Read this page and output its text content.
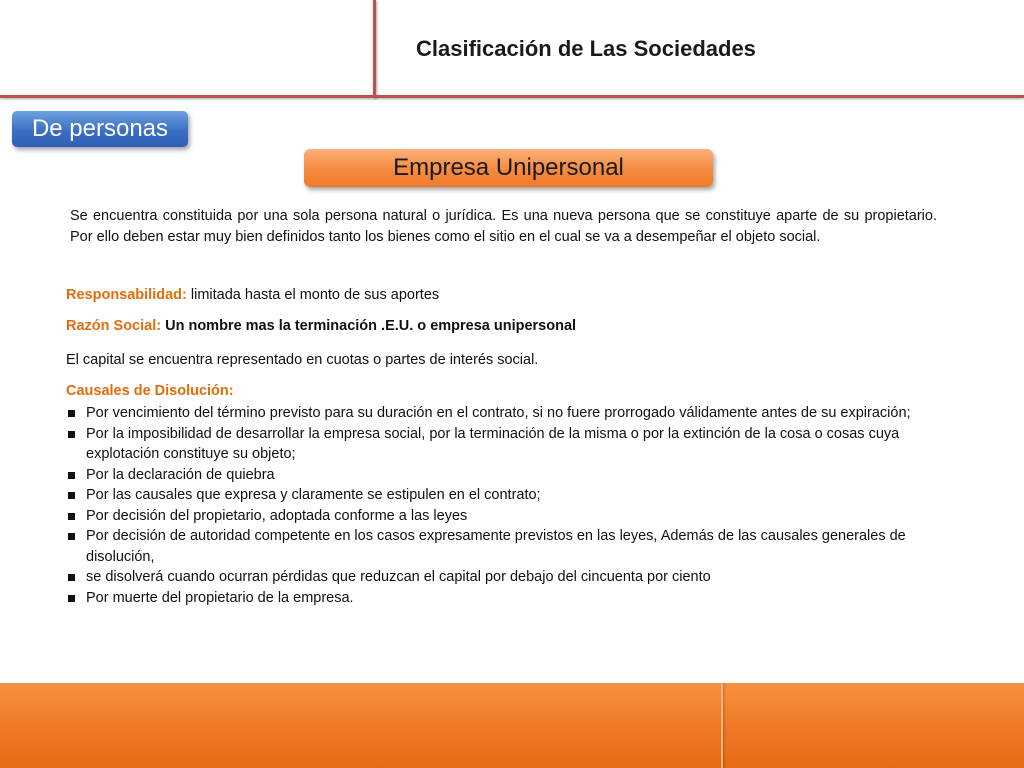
Clasificación de Las Sociedades
De personas
Empresa Unipersonal
Se encuentra constituida por una sola persona natural o jurídica. Es una nueva persona que se constituye aparte de su propietario. Por ello deben estar muy bien definidos tanto los bienes como el sitio en el cual se va a desempeñar el objeto social.
Responsabilidad: limitada hasta el monto de sus aportes
Razón Social: Un nombre mas la terminación .E.U. o empresa unipersonal
El capital se encuentra representado en cuotas o partes de interés social.
Causales de Disolución:
Por vencimiento del término previsto para su duración en el contrato, si no fuere prorrogado válidamente antes de su expiración;
Por la imposibilidad de desarrollar la empresa social, por la terminación de la misma o por la extinción de la cosa o cosas cuya explotación constituye su objeto;
Por la declaración de quiebra
Por las causales que expresa y claramente se estipulen en el contrato;
Por decisión del propietario, adoptada conforme a las leyes
Por decisión de autoridad competente en los casos expresamente previstos en las leyes, Además de las causales generales de disolución,
se disolverá cuando ocurran pérdidas que reduzcan el capital por debajo del cincuenta por ciento
Por muerte del propietario de la empresa.
